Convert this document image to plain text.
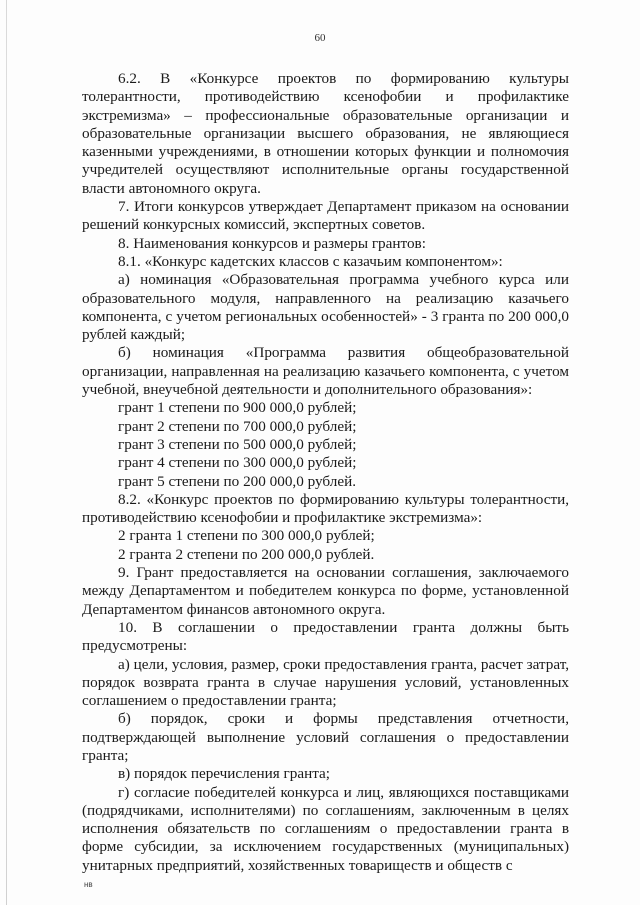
60

6.2. В «Конкурсе проектов по формированию культуры толерантности, противодействию ксенофобии и профилактике экстремизма» – профессиональные образовательные организации и образовательные организации высшего образования, не являющиеся казенными учреждениями, в отношении которых функции и полномочия учредителей осуществляют исполнительные органы государственной власти автономного округа.

7. Итоги конкурсов утверждает Департамент приказом на основании решений конкурсных комиссий, экспертных советов.

8. Наименования конкурсов и размеры грантов:

8.1. «Конкурс кадетских классов с казачьим компонентом»:

а) номинация «Образовательная программа учебного курса или образовательного модуля, направленного на реализацию казачьего компонента, с учетом региональных особенностей» - 3 гранта по 200 000,0 рублей каждый;

б) номинация «Программа развития общеобразовательной организации, направленная на реализацию казачьего компонента, с учетом учебной, внеучебной деятельности и дополнительного образования»:

грант 1 степени по 900 000,0 рублей;

грант 2 степени по 700 000,0 рублей;

грант 3 степени по 500 000,0 рублей;

грант 4 степени по 300 000,0 рублей;

грант 5 степени по 200 000,0 рублей.

8.2. «Конкурс проектов по формированию культуры толерантности, противодействию ксенофобии и профилактике экстремизма»:

2 гранта 1 степени по 300 000,0 рублей;

2 гранта 2 степени по 200 000,0 рублей.

9. Грант предоставляется на основании соглашения, заключаемого между Департаментом и победителем конкурса по форме, установленной Департаментом финансов автономного округа.

10. В соглашении о предоставлении гранта должны быть предусмотрены:

а) цели, условия, размер, сроки предоставления гранта, расчет затрат, порядок возврата гранта в случае нарушения условий, установленных соглашением о предоставлении гранта;

б) порядок, сроки и формы представления отчетности, подтверждающей выполнение условий соглашения о предоставлении гранта;

в) порядок перечисления гранта;

г) согласие победителей конкурса и лиц, являющихся поставщиками (подрядчиками, исполнителями) по соглашениям, заключенным в целях исполнения обязательств по соглашениям о предоставлении гранта в форме субсидии, за исключением государственных (муниципальных) унитарных предприятий, хозяйственных товариществ и обществ с

нв
